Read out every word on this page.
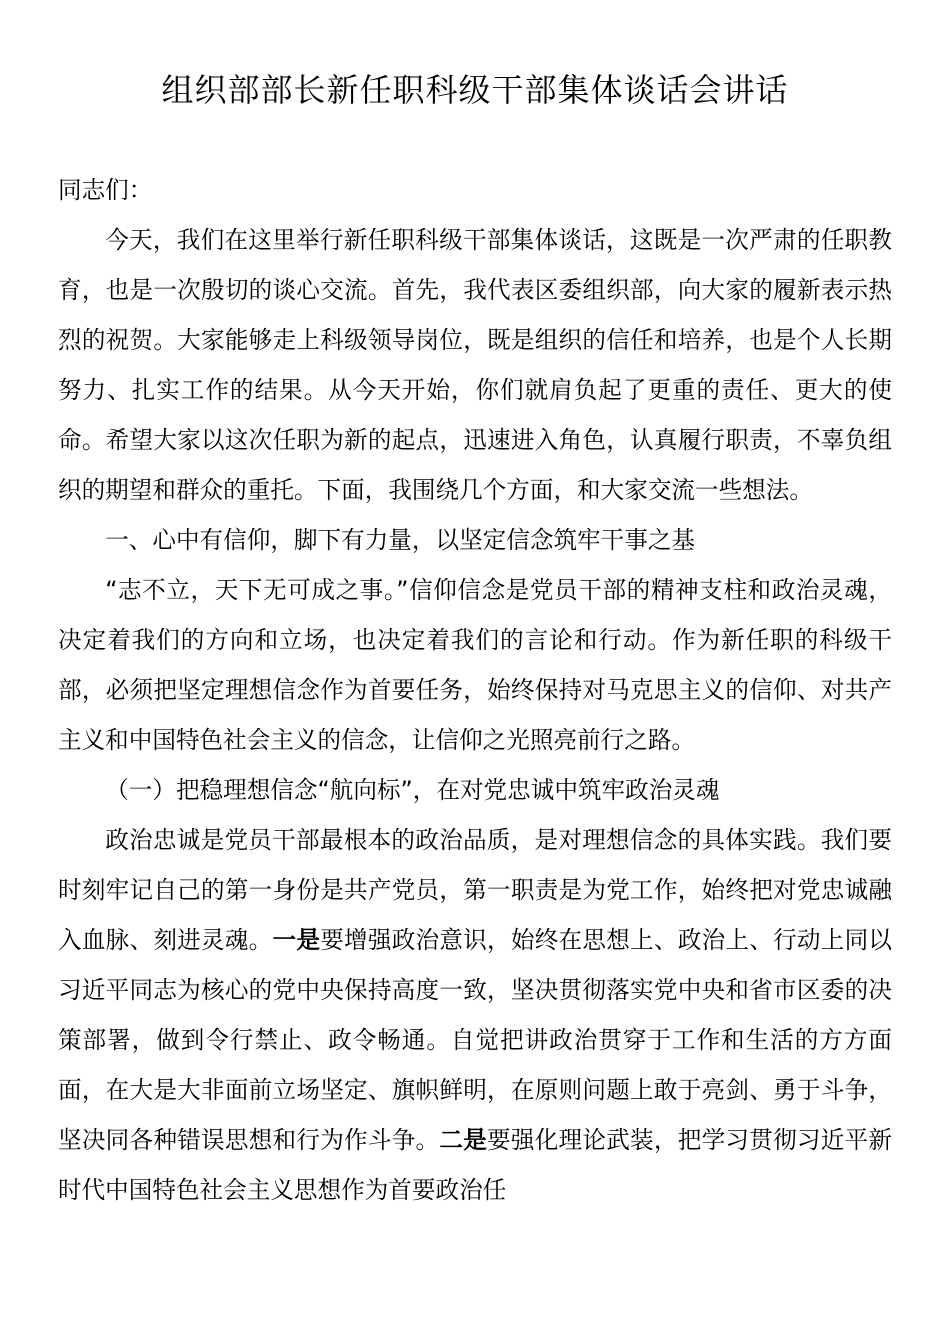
组织部部长新任职科级干部集体谈话会讲话

同志们：

今天，我们在这里举行新任职科级干部集体谈话，这既是一次严肃的任职教育，也是一次殷切的谈心交流。首先，我代表区委组织部，向大家的履新表示热烈的祝贺。大家能够走上科级领导岗位，既是组织的信任和培养，也是个人长期努力、扎实工作的结果。从今天开始，你们就肩负起了更重的责任、更大的使命。希望大家以这次任职为新的起点，迅速进入角色，认真履行职责，不辜负组织的期望和群众的重托。下面，我围绕几个方面，和大家交流一些想法。

一、心中有信仰，脚下有力量，以坚定信念筑牢干事之基

“志不立，天下无可成之事。”信仰信念是党员干部的精神支柱和政治灵魂，决定着我们的方向和立场，也决定着我们的言论和行动。作为新任职的科级干部，必须把坚定理想信念作为首要任务，始终保持对马克思主义的信仰、对共产主义和中国特色社会主义的信念，让信仰之光照亮前行之路。

（一）把稳理想信念“航向标”，在对党忠诚中筑牢政治灵魂

政治忠诚是党员干部最根本的政治品质，是对理想信念的具体实践。我们要时刻牢记自己的第一身份是共产党员，第一职责是为党工作，始终把对党忠诚融入血脉、刻进灵魂。一是要增强政治意识，始终在思想上、政治上、行动上同以习近平同志为核心的党中央保持高度一致，坚决贯彻落实党中央和省市区委的决策部署，做到令行禁止、政令畅通。自觉把讲政治贯穿于工作和生活的方方面面，在大是大非面前立场坚定、旗帜鲜明，在原则问题上敢于亮剑、勇于斗争，坚决同各种错误思想和行为作斗争。二是要强化理论武装，把学习贯彻习近平新时代中国特色社会主义思想作为首要政治任
